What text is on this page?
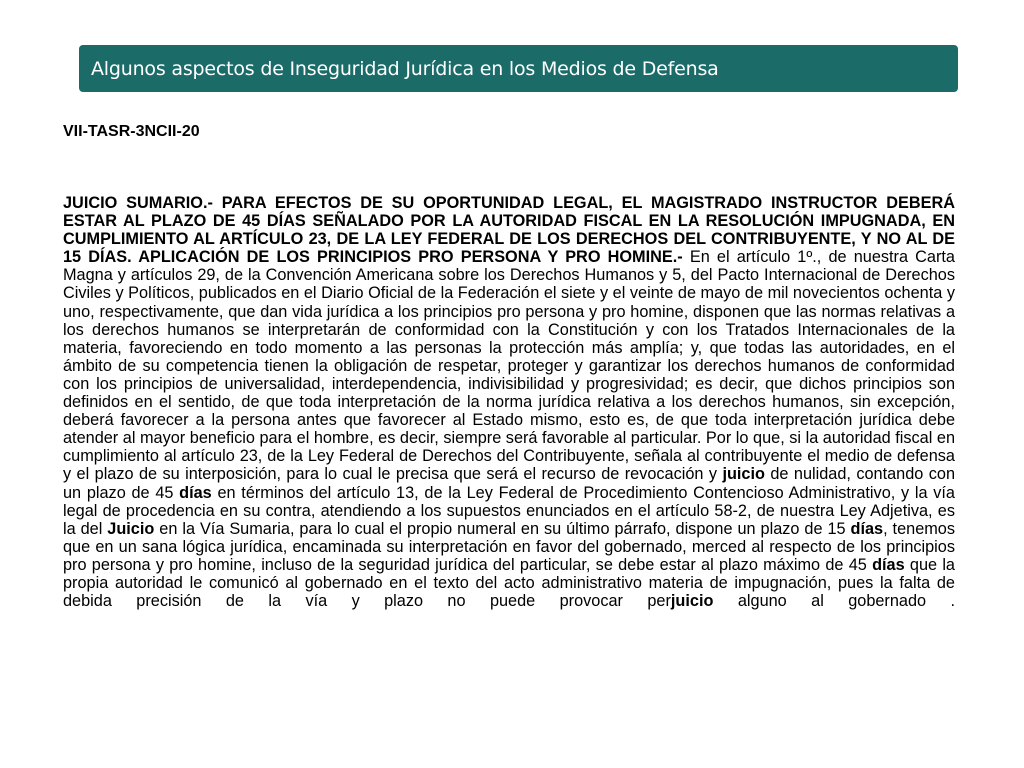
Algunos aspectos de Inseguridad Jurídica en los Medios de Defensa

VII-TASR-3NCII-20

JUICIO SUMARIO.- PARA EFECTOS DE SU OPORTUNIDAD LEGAL, EL MAGISTRADO INSTRUCTOR DEBERÁ ESTAR AL PLAZO DE 45 DÍAS SEÑALADO POR LA AUTORIDAD FISCAL EN LA RESOLUCIÓN IMPUGNADA, EN CUMPLIMIENTO AL ARTÍCULO 23, DE LA LEY FEDERAL DE LOS DERECHOS DEL CONTRIBUYENTE, Y NO AL DE 15 DÍAS. APLICACIÓN DE LOS PRINCIPIOS PRO PERSONA Y PRO HOMINE.- En el artículo 1º., de nuestra Carta Magna y artículos 29, de la Convención Americana sobre los Derechos Humanos y 5, del Pacto Internacional de Derechos Civiles y Políticos, publicados en el Diario Oficial de la Federación el siete y el veinte de mayo de mil novecientos ochenta y uno, respectivamente, que dan vida jurídica a los principios pro persona y pro homine, disponen que las normas relativas a los derechos humanos se interpretarán de conformidad con la Constitución y con los Tratados Internacionales de la materia, favoreciendo en todo momento a las personas la protección más amplía; y, que todas las autoridades, en el ámbito de su competencia tienen la obligación de respetar, proteger y garantizar los derechos humanos de conformidad con los principios de universalidad, interdependencia, indivisibilidad y progresividad; es decir, que dichos principios son definidos en el sentido, de que toda interpretación de la norma jurídica relativa a los derechos humanos, sin excepción, deberá favorecer a la persona antes que favorecer al Estado mismo, esto es, de que toda interpretación jurídica debe atender al mayor beneficio para el hombre, es decir, siempre será favorable al particular. Por lo que, si la autoridad fiscal en cumplimiento al artículo 23, de la Ley Federal de Derechos del Contribuyente, señala al contribuyente el medio de defensa y el plazo de su interposición, para lo cual le precisa que será el recurso de revocación y juicio de nulidad, contando con un plazo de 45 días en términos del artículo 13, de la Ley Federal de Procedimiento Contencioso Administrativo, y la vía legal de procedencia en su contra, atendiendo a los supuestos enunciados en el artículo 58-2, de nuestra Ley Adjetiva, es la del Juicio en la Vía Sumaria, para lo cual el propio numeral en su último párrafo, dispone un plazo de 15 días, tenemos que en un sana lógica jurídica, encaminada su interpretación en favor del gobernado, merced al respecto de los principios pro persona y pro homine, incluso de la seguridad jurídica del particular, se debe estar al plazo máximo de 45 días que la propia autoridad le comunicó al gobernado en el texto del acto administrativo materia de impugnación, pues la falta de debida precisión de la vía y plazo no puede provocar perjuicio alguno al gobernado .
